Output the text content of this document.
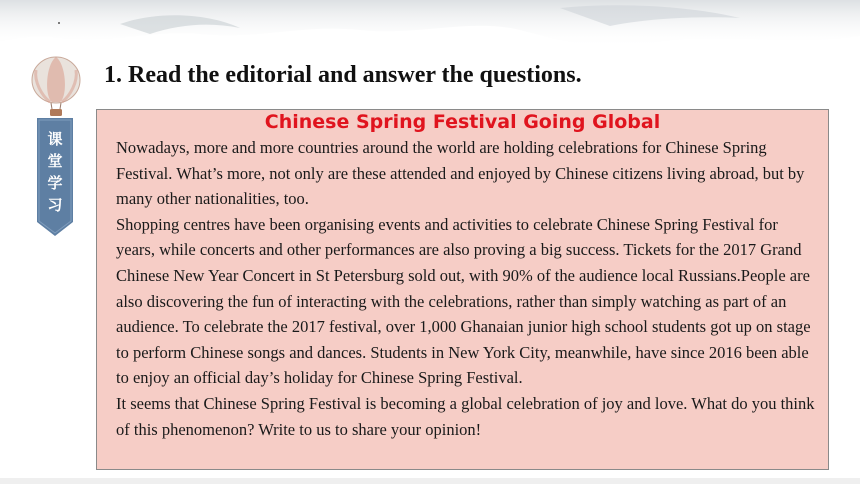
课
堂
学
习
1. Read the editorial and answer the questions.
Chinese Spring Festival Going Global

Nowadays, more and more countries around the world are holding celebrations for Chinese Spring Festival. What’s more, not only are these attended and enjoyed by Chinese citizens living abroad, but by many other nationalities, too.

Shopping centres have been organising events and activities to celebrate Chinese Spring Festival for years, while concerts and other performances are also proving a big success. Tickets for the 2017 Grand Chinese New Year Concert in St Petersburg sold out, with 90% of the audience local Russians.People are also discovering the fun of interacting with the celebrations, rather than simply watching as part of an audience. To celebrate the 2017 festival, over 1,000 Ghanaian junior high school students got up on stage to perform Chinese songs and dances. Students in New York City, meanwhile, have since 2016 been able to enjoy an official day’s holiday for Chinese Spring Festival.

It seems that Chinese Spring Festival is becoming a global celebration of joy and love. What do you think of this phenomenon? Write to us to share your opinion!
